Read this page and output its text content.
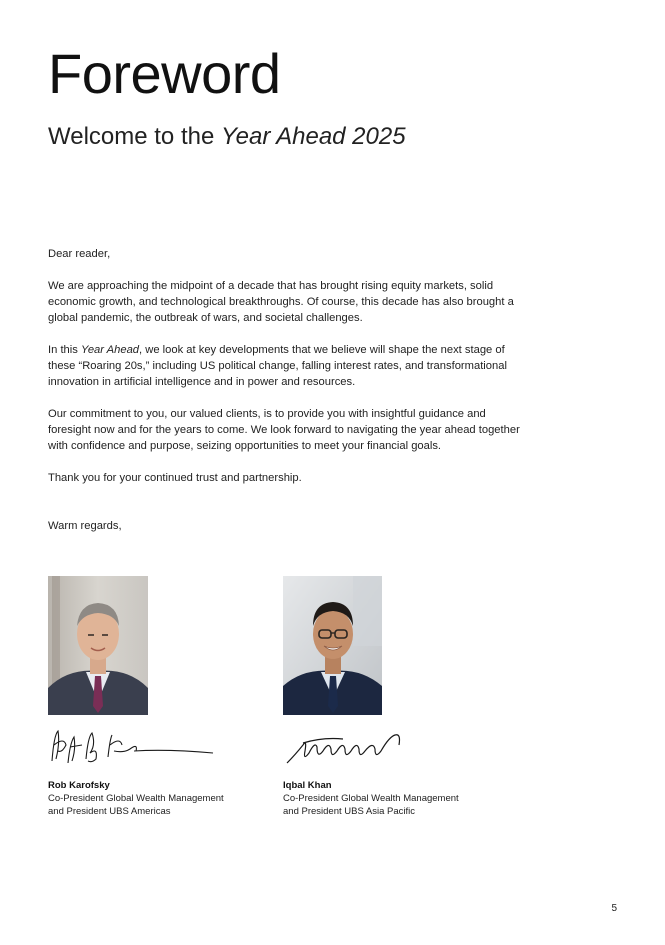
Foreword
Welcome to the Year Ahead 2025

Dear reader,

We are approaching the midpoint of a decade that has brought rising equity markets, solid economic growth, and technological breakthroughs. Of course, this decade has also brought a global pandemic, the outbreak of wars, and societal challenges.

In this Year Ahead, we look at key developments that we believe will shape the next stage of these “Roaring 20s,” including US political change, falling interest rates, and transformational innovation in artificial intelligence and in power and resources.

Our commitment to you, our valued clients, is to provide you with insightful guidance and foresight now and for the years to come. We look forward to navigating the year ahead together with confidence and purpose, seizing opportunities to meet your financial goals.

Thank you for your continued trust and partnership.

Warm regards,

Rob Karofsky
Co-President Global Wealth Management
and President UBS Americas
Iqbal Khan
Co-President Global Wealth Management
and President UBS Asia Pacific
5
